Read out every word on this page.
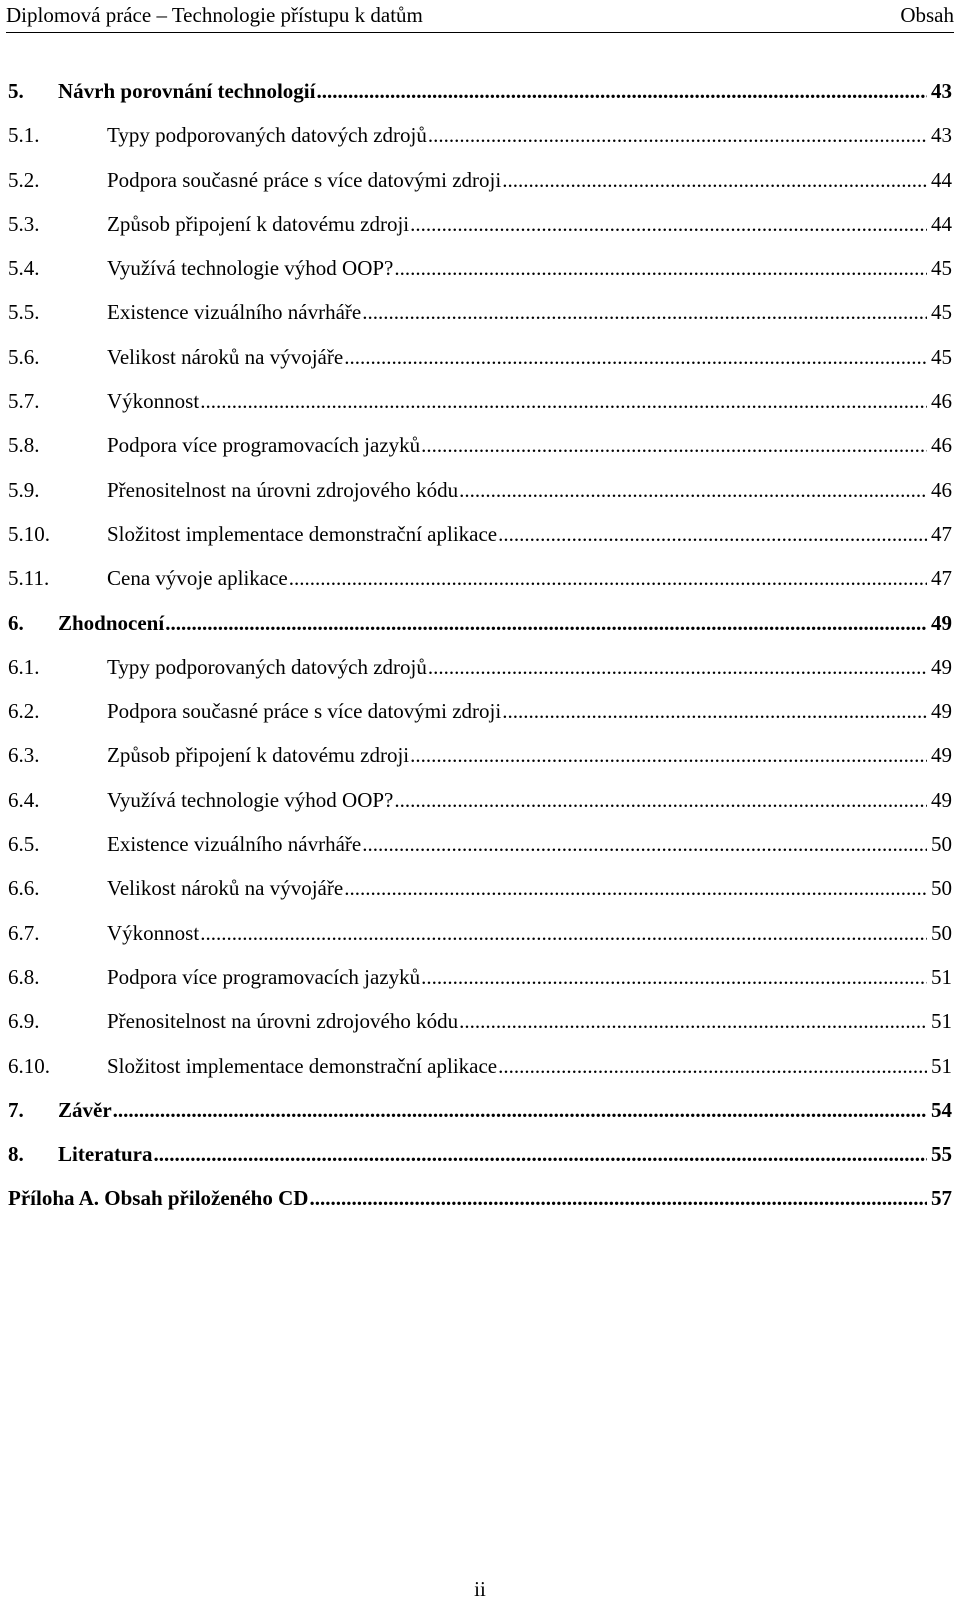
Diplomová práce – Technologie přístupu k datům	Obsah
5.	Návrh porovnání technologií .....	43
5.1.	Typy podporovaných datových zdrojů .....	43
5.2.	Podpora současné práce s více datovými zdroji .....	44
5.3.	Způsob připojení k datovému zdroji .....	44
5.4.	Využívá technologie výhod OOP? .....	45
5.5.	Existence vizuálního návrháře .....	45
5.6.	Velikost nároků na vývojáře .....	45
5.7.	Výkonnost .....	46
5.8.	Podpora více programovacích jazyků .....	46
5.9.	Přenositelnost na úrovni zdrojového kódu .....	46
5.10.	Složitost implementace demonstrační aplikace .....	47
5.11.	Cena vývoje aplikace .....	47
6.	Zhodnocení .....	49
6.1.	Typy podporovaných datových zdrojů .....	49
6.2.	Podpora současné práce s více datovými zdroji .....	49
6.3.	Způsob připojení k datovému zdroji .....	49
6.4.	Využívá technologie výhod OOP? .....	49
6.5.	Existence vizuálního návrháře .....	50
6.6.	Velikost nároků na vývojáře .....	50
6.7.	Výkonnost .....	50
6.8.	Podpora více programovacích jazyků .....	51
6.9.	Přenositelnost na úrovni zdrojového kódu .....	51
6.10.	Složitost implementace demonstrační aplikace .....	51
7.	Závěr .....	54
8.	Literatura .....	55
Příloha A. Obsah přiloženého CD .....	57
ii
